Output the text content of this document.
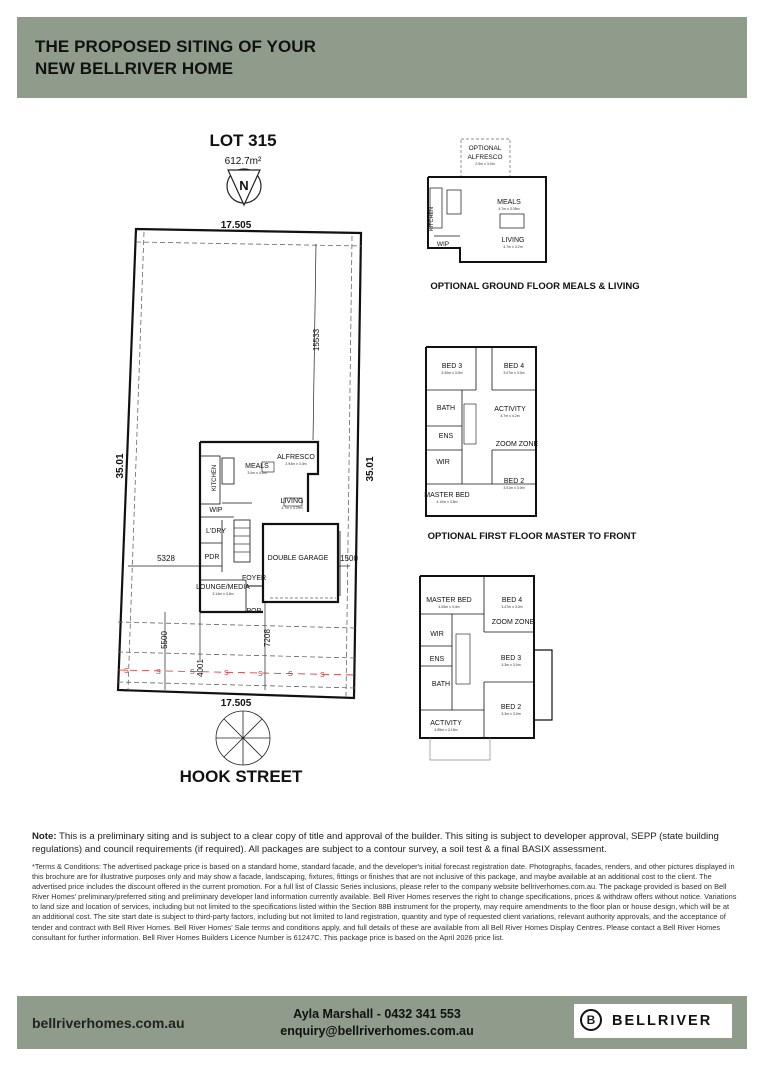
THE PROPOSED SITING OF YOUR
NEW BELLRIVER HOME
LOT 315
612.7m²
N
17.505
35.01	35.01
15533
5328	1500
5500
4001
7208
S	S	S	S	S	S	S
ALFRESCO
2.94m x 3.4m
MEALS
3.0m x 4.5m
KITCHEN
LIVING
4.7m x 3.29m
WIP
L'DRY
PDR	DOUBLE GARAGE
FOYER
LOUNGE/MEDIA
3.14m x 3.6m
POR.
17.505
HOOK STREET
OPTIONAL
ALFRESCO
2.9m x 3.0m
MEALS
4.7m x 3.05m
KITCHEN
LIVING
4.7m x 3.2m
WIP
OPTIONAL GROUND FLOOR MEALS & LIVING
BED 3
3.40m x 3.0m
BED 4
3.07m x 3.0m
BATH	ACTIVITY
4.7m x 4.2m
ENS
ZOOM ZONE
WIR
BED 2
3.01m x 3.0m
MASTER BED
4.10m x 3.8m
OPTIONAL FIRST FLOOR MASTER TO FRONT
MASTER BED
4.05m x 3.4m
BED 4
3.47m x 3.0m
ZOOM ZONE
WIR
BED 3
3.3m x 3.0m
ENS
BATH
BED 2
3.3m x 3.0m
ACTIVITY
4.85m x 3.15m
Note: This is a preliminary siting and is subject to a clear copy of title and approval of the builder. This siting is subject to developer approval, SEPP (state building regulations) and council requirements (if required). All packages are subject to a contour survey, a soil test & a final BASIX assessment.
*Terms & Conditions: The advertised package price is based on a standard home, standard facade, and the developer's initial forecast registration date. Photographs, facades, renders, and other pictures displayed in this brochure are for illustrative purposes only and may show a facade, landscaping, fixtures, fittings or finishes that are not inclusive of this package, and maybe available at an additional cost to the client. The advertised price includes the discount offered in the current promotion. For a full list of Classic Series inclusions, please refer to the company website bellriverhomes.com.au. The package provided is based on Bell River Homes' preliminary/preferred siting and preliminary developer land information currently available. Bell River Homes reserves the right to change specifications, prices & withdraw offers without notice. Variations to land size and location of services, including but not limited to the specifications listed within the Section 88B instrument for the property, may require amendments to the floor plan or house design, which will be at an additional cost. The site start date is subject to third-party factors, including but not limited to land registration, quantity and type of requested client variations, relevant authority approvals, and the acceptance of tender and contract with Bell River Homes. Bell River Homes' Sale terms and conditions apply, and full details of these are available from all Bell River Homes Display Centres. Please contact a Bell River Homes consultant for further information. Bell River Homes Builders Licence Number is 61247C. This package price is based on the April 2026 price list.
bellriverhomes.com.au
Ayla Marshall - 0432 341 553
enquiry@bellriverhomes.com.au
B	BELLRIVER
